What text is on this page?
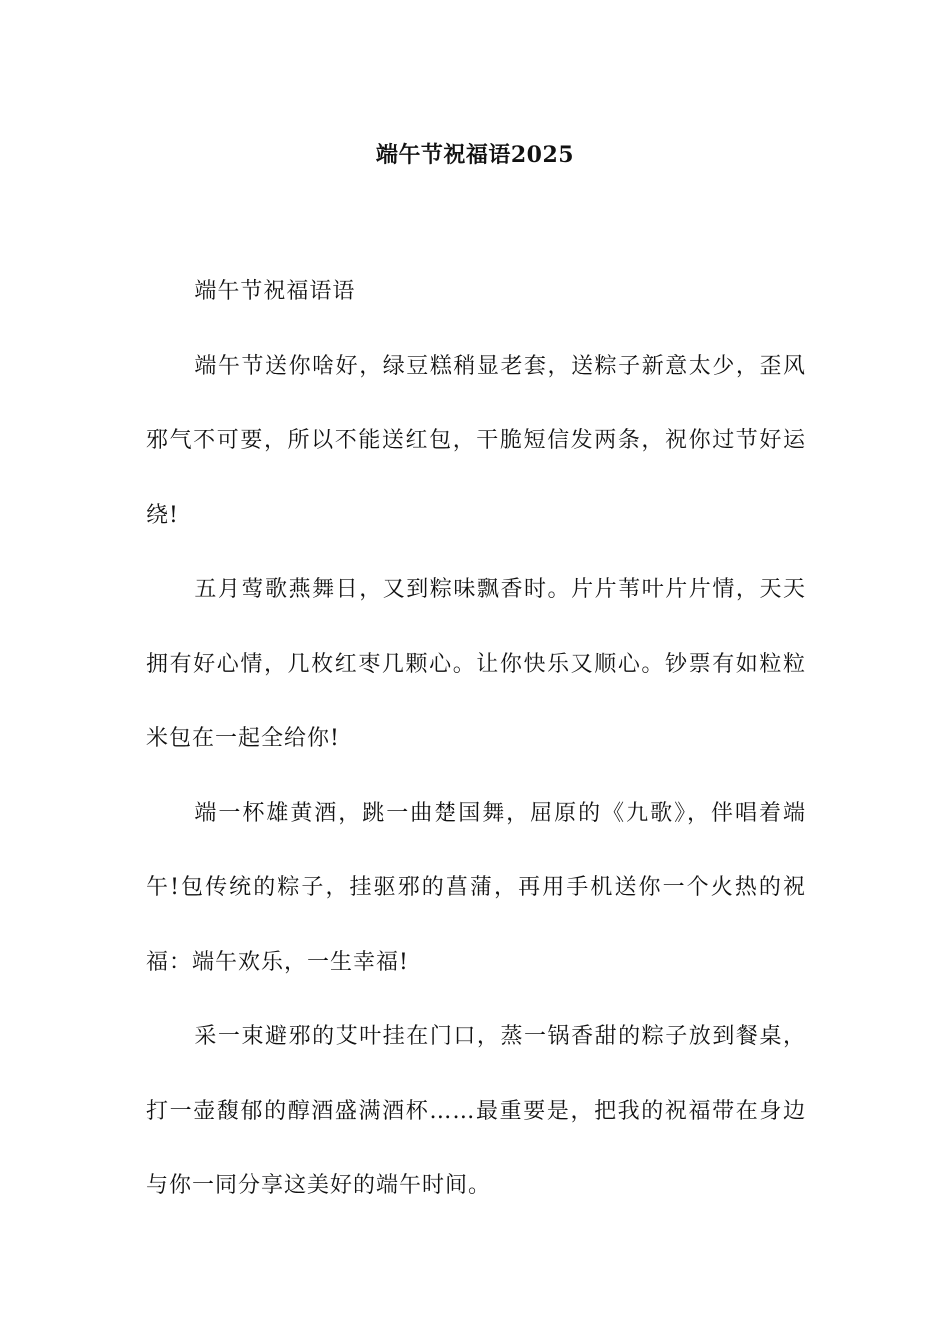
端午节祝福语2025

端午节祝福语语

端午节送你啥好，绿豆糕稍显老套，送粽子新意太少，歪风邪气不可要，所以不能送红包，干脆短信发两条，祝你过节好运绕!

五月莺歌燕舞日，又到粽味飘香时。片片苇叶片片情，天天拥有好心情，几枚红枣几颗心。让你快乐又顺心。钞票有如粒粒米包在一起全给你!

端一杯雄黄酒，跳一曲楚国舞，屈原的《九歌》，伴唱着端午!包传统的粽子，挂驱邪的菖蒲，再用手机送你一个火热的祝福：端午欢乐，一生幸福!

采一束避邪的艾叶挂在门口，蒸一锅香甜的粽子放到餐桌，打一壶馥郁的醇酒盛满酒杯……最重要是，把我的祝福带在身边与你一同分享这美好的端午时间。
